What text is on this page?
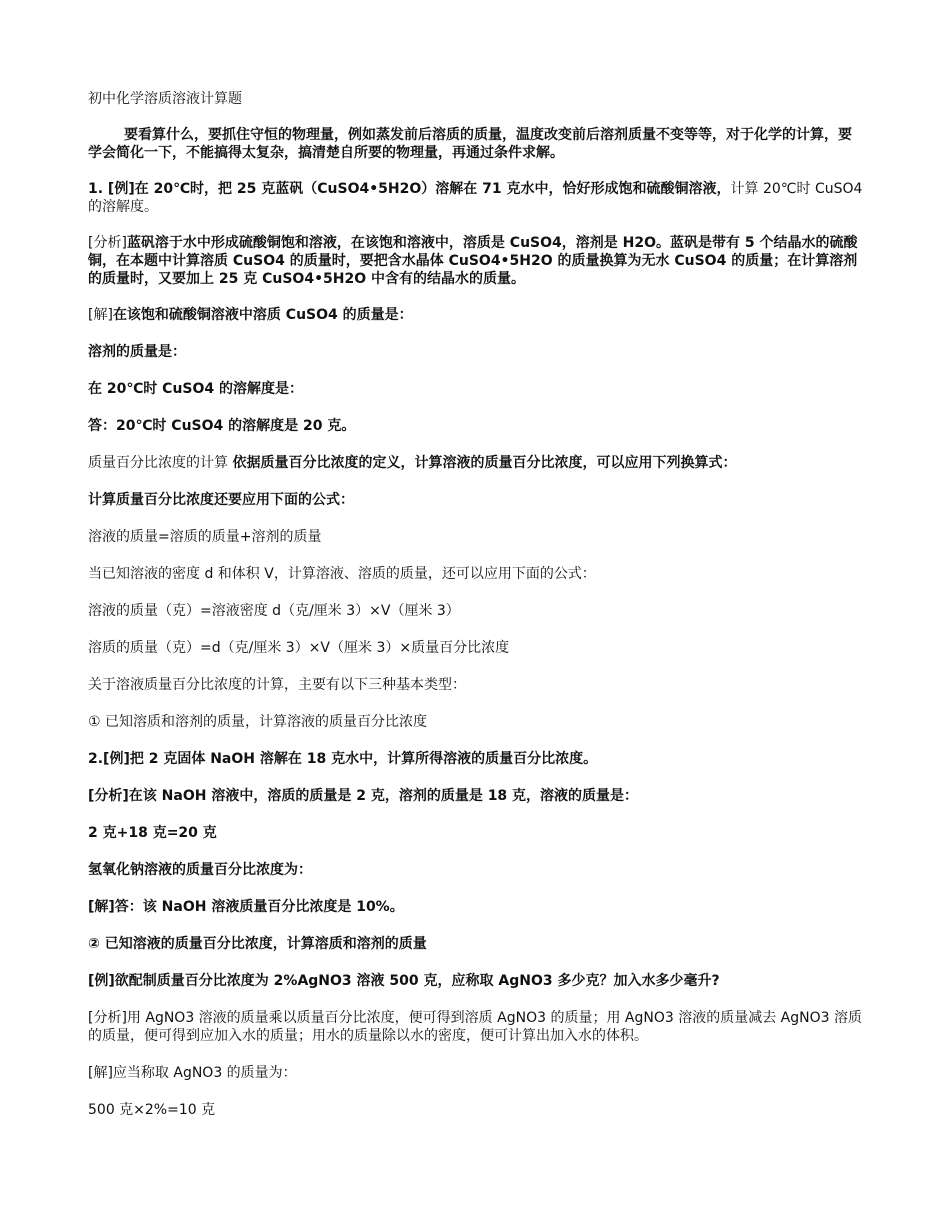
初中化学溶质溶液计算题

要看算什么，要抓住守恒的物理量，例如蒸发前后溶质的质量，温度改变前后溶剂质量不变等等，对于化学的计算，要学会简化一下，不能搞得太复杂，搞清楚自所要的物理量，再通过条件求解。

1. [例]在 20℃时，把 25 克蓝矾（CuSO4•5H2O）溶解在 71 克水中，恰好形成饱和硫酸铜溶液，计算 20℃时 CuSO4 的溶解度。

[分析]蓝矾溶于水中形成硫酸铜饱和溶液，在该饱和溶液中，溶质是 CuSO4，溶剂是 H2O。蓝矾是带有 5 个结晶水的硫酸铜，在本题中计算溶质 CuSO4 的质量时，要把含水晶体 CuSO4•5H2O 的质量换算为无水 CuSO4 的质量；在计算溶剂的质量时，又要加上 25 克 CuSO4•5H2O 中含有的结晶水的质量。

[解]在该饱和硫酸铜溶液中溶质 CuSO4 的质量是：

溶剂的质量是：

在 20℃时 CuSO4 的溶解度是：

答：20℃时 CuSO4 的溶解度是 20 克。

质量百分比浓度的计算 依据质量百分比浓度的定义，计算溶液的质量百分比浓度，可以应用下列换算式：

计算质量百分比浓度还要应用下面的公式：

溶液的质量=溶质的质量+溶剂的质量

当已知溶液的密度 d 和体积 V，计算溶液、溶质的质量，还可以应用下面的公式：

溶液的质量（克）=溶液密度 d（克/厘米 3）×V（厘米 3）

溶质的质量（克）=d（克/厘米 3）×V（厘米 3）×质量百分比浓度

关于溶液质量百分比浓度的计算，主要有以下三种基本类型：

① 已知溶质和溶剂的质量，计算溶液的质量百分比浓度

2.[例]把 2 克固体 NaOH 溶解在 18 克水中，计算所得溶液的质量百分比浓度。

[分析]在该 NaOH 溶液中，溶质的质量是 2 克，溶剂的质量是 18 克，溶液的质量是：

2 克+18 克=20 克

氢氧化钠溶液的质量百分比浓度为：

[解]答：该 NaOH 溶液质量百分比浓度是 10%。

② 已知溶液的质量百分比浓度，计算溶质和溶剂的质量

[例]欲配制质量百分比浓度为 2%AgNO3 溶液 500 克，应称取 AgNO3 多少克？加入水多少毫升?

[分析]用 AgNO3 溶液的质量乘以质量百分比浓度，便可得到溶质 AgNO3 的质量；用 AgNO3 溶液的质量减去 AgNO3 溶质的质量，便可得到应加入水的质量；用水的质量除以水的密度，便可计算出加入水的体积。

[解]应当称取 AgNO3 的质量为：

500 克×2%=10 克
